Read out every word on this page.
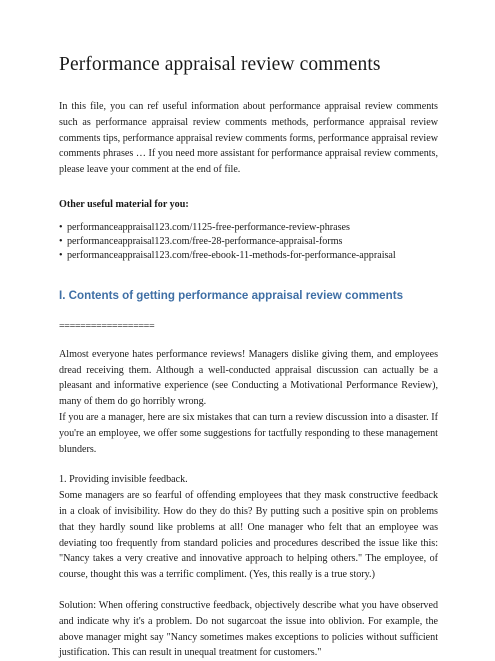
Performance appraisal review comments

In this file, you can ref useful information about performance appraisal review comments such as performance appraisal review comments methods, performance appraisal review comments tips, performance appraisal review comments forms, performance appraisal review comments phrases … If you need more assistant for performance appraisal review comments, please leave your comment at the end of file.

Other useful material for you:

• performanceappraisal123.com/1125-free-performance-review-phrases
• performanceappraisal123.com/free-28-performance-appraisal-forms
• performanceappraisal123.com/free-ebook-11-methods-for-performance-appraisal
I. Contents of getting performance appraisal review comments
==================

Almost everyone hates performance reviews! Managers dislike giving them, and employees dread receiving them. Although a well-conducted appraisal discussion can actually be a pleasant and informative experience (see Conducting a Motivational Performance Review), many of them do go horribly wrong.

If you are a manager, here are six mistakes that can turn a review discussion into a disaster. If you're an employee, we offer some suggestions for tactfully responding to these management blunders.

1. Providing invisible feedback.

Some managers are so fearful of offending employees that they mask constructive feedback in a cloak of invisibility. How do they do this? By putting such a positive spin on problems that they hardly sound like problems at all! One manager who felt that an employee was deviating too frequently from standard policies and procedures described the issue like this: "Nancy takes a very creative and innovative approach to helping others." The employee, of course, thought this was a terrific compliment. (Yes, this really is a true story.)

Solution: When offering constructive feedback, objectively describe what you have observed and indicate why it's a problem. Do not sugarcoat the issue into oblivion. For example, the above manager might say "Nancy sometimes makes exceptions to policies without sufficient justification. This can result in unequal treatment for customers."
